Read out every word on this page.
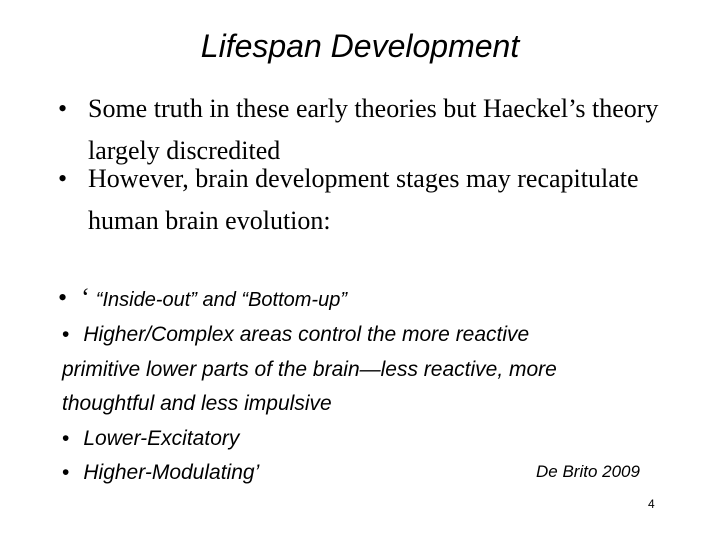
Lifespan Development
• Some truth in these early theories but Haeckel’s theory largely discredited
• However, brain development stages may recapitulate human brain evolution:
• ‘ “Inside-out” and “Bottom-up”
• Higher/Complex areas control the more reactive
primitive lower parts of the brain—less reactive, more
thoughtful and less impulsive
• Lower-Excitatory
• Higher-Modulating’	De Brito 2009
4
